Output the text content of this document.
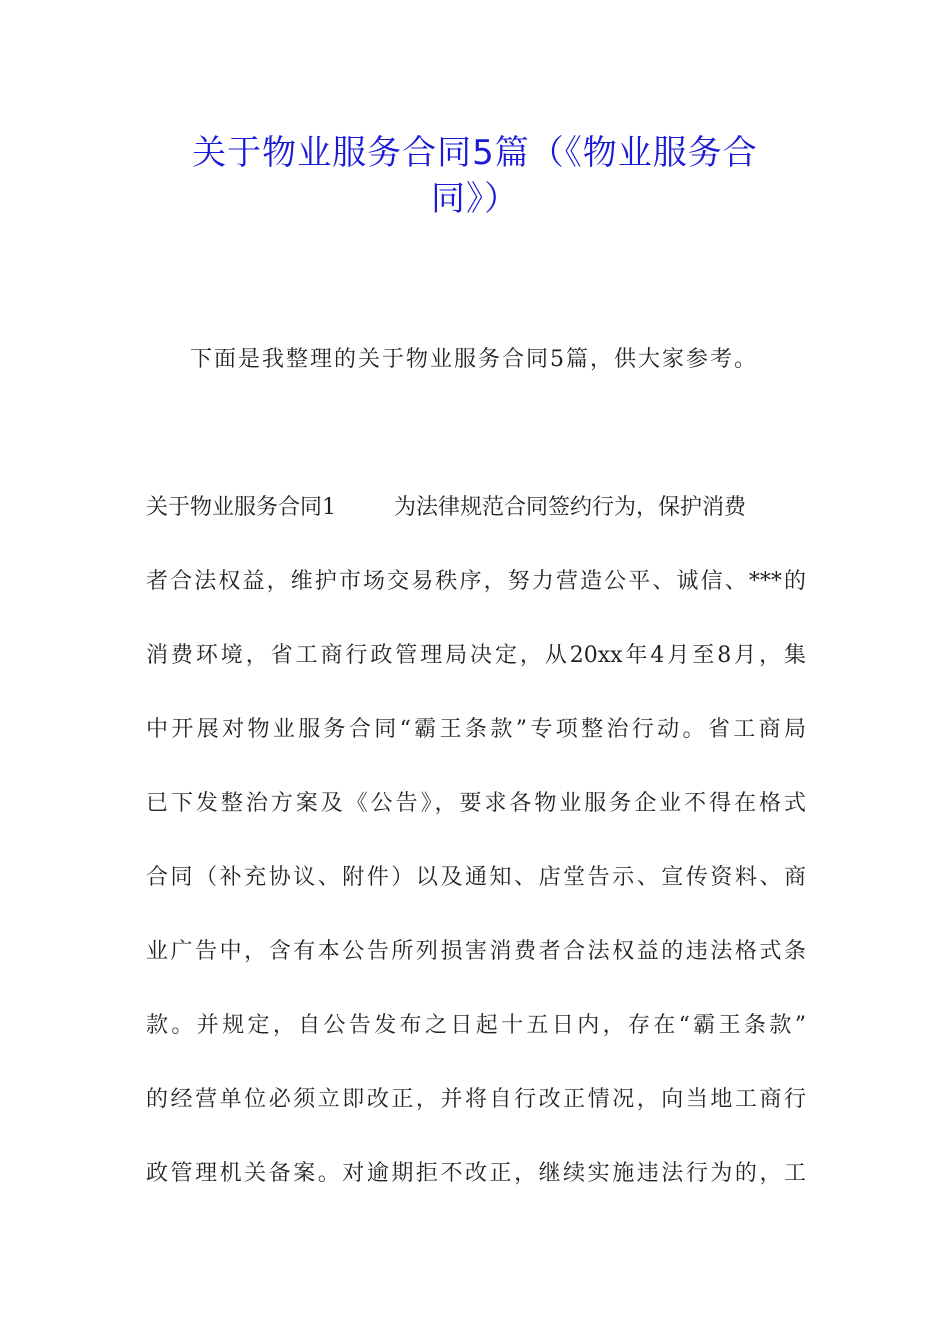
关于物业服务合同5篇（《物业服务合
同》）
下面是我整理的关于物业服务合同5篇，供大家参考。
关于物业服务合同1	为法律规范合同签约行为，保护消费
者合法权益，维护市场交易秩序，努力营造公平、诚信、***的
消费环境，省工商行政管理局决定，从20xx年4月至8月，集
中开展对物业服务合同“霸王条款”专项整治行动。省工商局
已下发整治方案及《公告》，要求各物业服务企业不得在格式
合同（补充协议、附件）以及通知、店堂告示、宣传资料、商
业广告中，含有本公告所列损害消费者合法权益的违法格式条
款。并规定，自公告发布之日起十五日内，存在“霸王条款”
的经营单位必须立即改正，并将自行改正情况，向当地工商行
政管理机关备案。对逾期拒不改正，继续实施违法行为的，工
